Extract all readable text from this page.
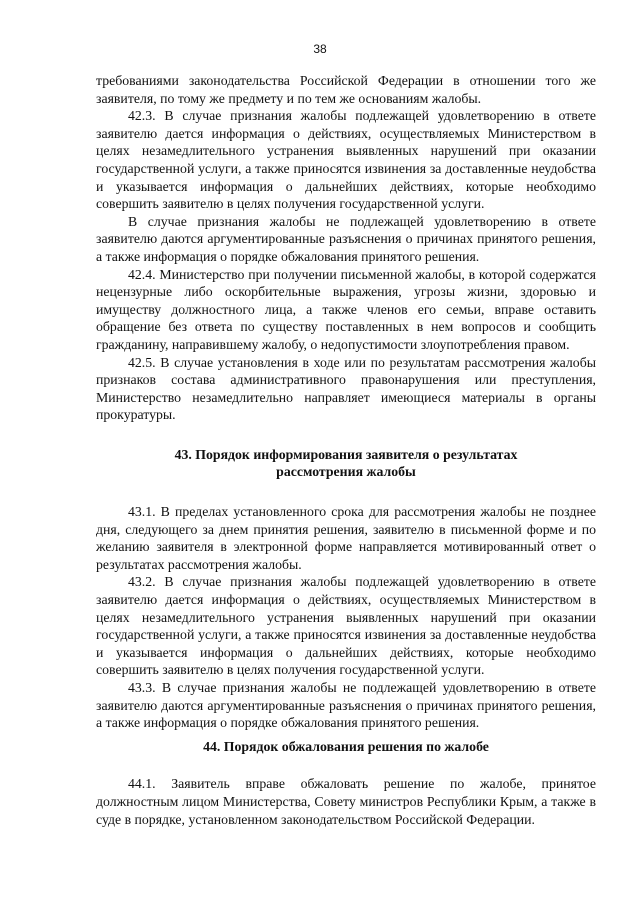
38

требованиями законодательства Российской Федерации в отношении того же заявителя, по тому же предмету и по тем же основаниям жалобы.

42.3. В случае признания жалобы подлежащей удовлетворению в ответе заявителю дается информация о действиях, осуществляемых Министерством в целях незамедлительного устранения выявленных нарушений при оказании государственной услуги, а также приносятся извинения за доставленные неудобства и указывается информация о дальнейших действиях, которые необходимо совершить заявителю в целях получения государственной услуги.

В случае признания жалобы не подлежащей удовлетворению в ответе заявителю даются аргументированные разъяснения о причинах принятого решения, а также информация о порядке обжалования принятого решения.

42.4. Министерство при получении письменной жалобы, в которой содержатся нецензурные либо оскорбительные выражения, угрозы жизни, здоровью и имуществу должностного лица, а также членов его семьи, вправе оставить обращение без ответа по существу поставленных в нем вопросов и сообщить гражданину, направившему жалобу, о недопустимости злоупотребления правом.

42.5. В случае установления в ходе или по результатам рассмотрения жалобы признаков состава административного правонарушения или преступления, Министерство незамедлительно направляет имеющиеся материалы в органы прокуратуры.

43. Порядок информирования заявителя о результатах
рассмотрения жалобы

43.1. В пределах установленного срока для рассмотрения жалобы не позднее дня, следующего за днем принятия решения, заявителю в письменной форме и по желанию заявителя в электронной форме направляется мотивированный ответ о результатах рассмотрения жалобы.

43.2. В случае признания жалобы подлежащей удовлетворению в ответе заявителю дается информация о действиях, осуществляемых Министерством в целях незамедлительного устранения выявленных нарушений при оказании государственной услуги, а также приносятся извинения за доставленные неудобства и указывается информация о дальнейших действиях, которые необходимо совершить заявителю в целях получения государственной услуги.

43.3. В случае признания жалобы не подлежащей удовлетворению в ответе заявителю даются аргументированные разъяснения о причинах принятого решения, а также информация о порядке обжалования принятого решения.

44. Порядок обжалования решения по жалобе

44.1. Заявитель вправе обжаловать решение по жалобе, принятое должностным лицом Министерства, Совету министров Республики Крым, а также в суде в порядке, установленном законодательством Российской Федерации.
